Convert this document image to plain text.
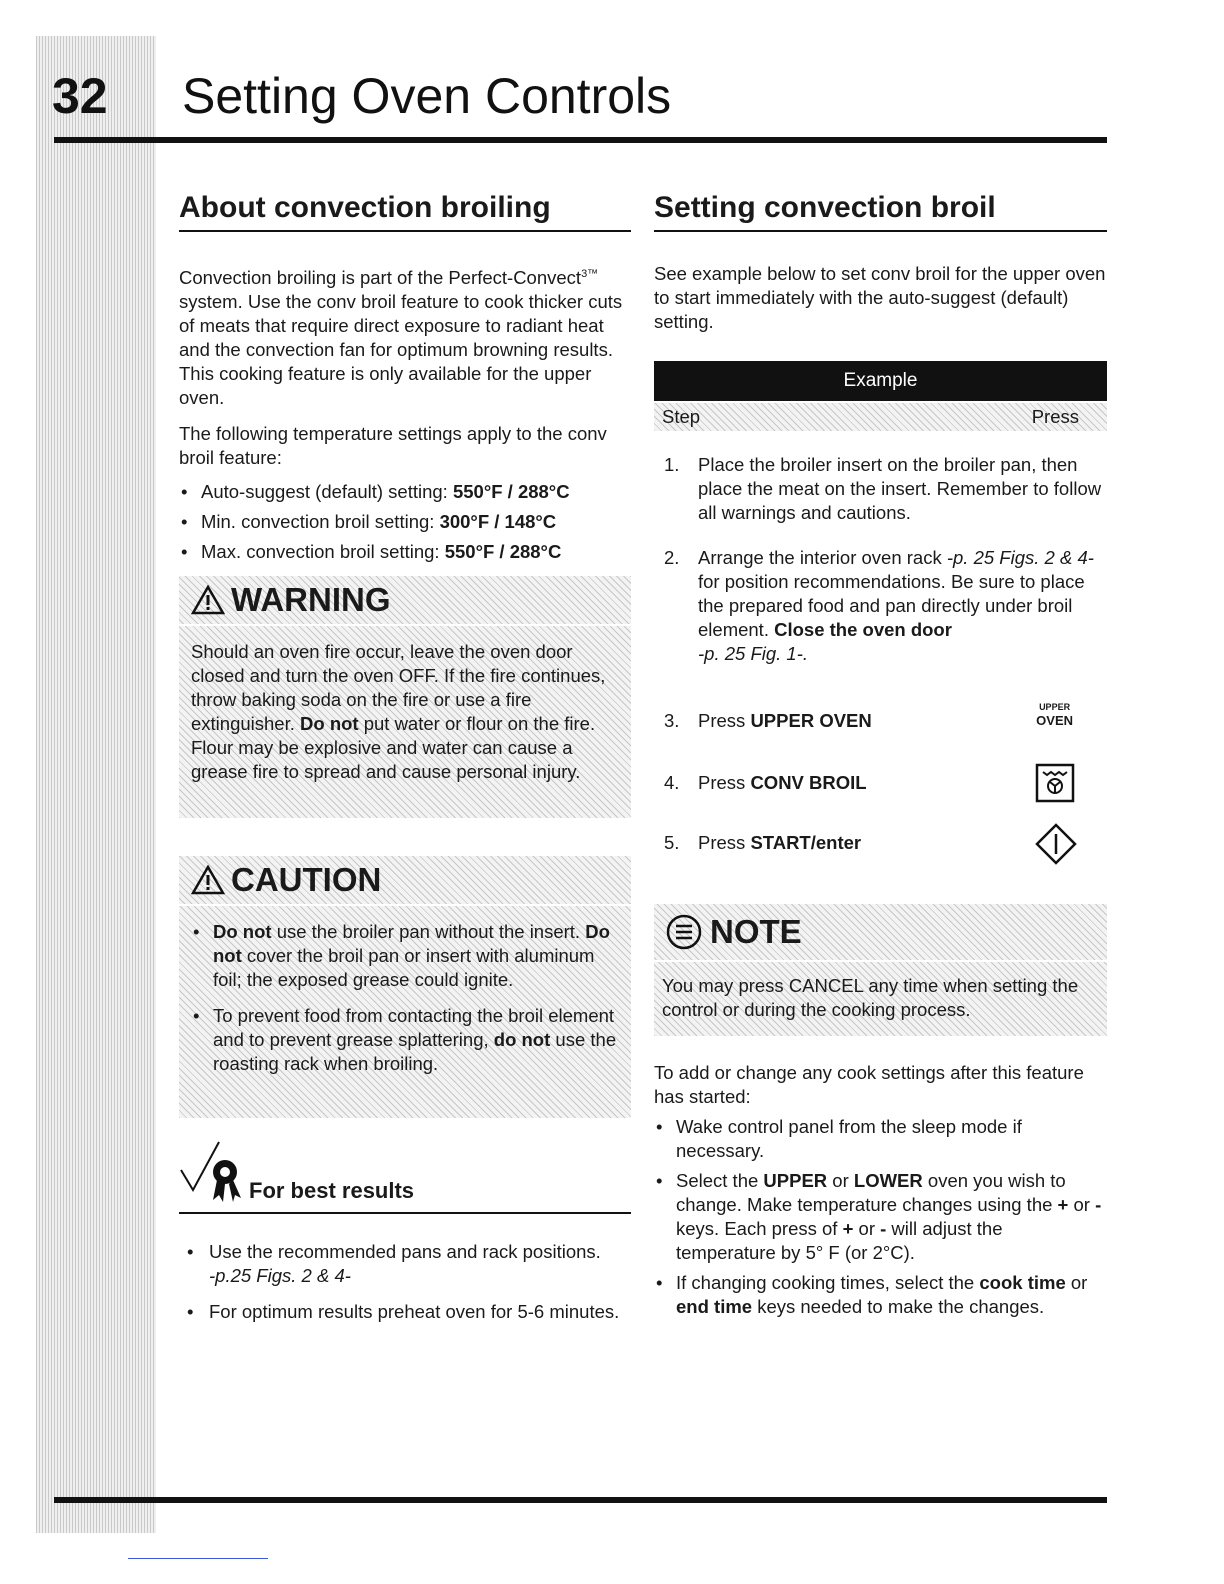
32 Setting Oven Controls
About convection broiling

Convection broiling is part of the Perfect-Convect$^{3™}$ system. Use the conv broil feature to cook thicker cuts of meats that require direct exposure to radiant heat and the convection fan for optimum browning results. This cooking feature is only available for the upper oven.

The following temperature settings apply to the conv broil feature:

• Auto-suggest (default) setting: 550°F / 288°C
• Min. convection broil setting: 300°F / 148°C
• Max. convection broil setting: 550°F / 288°C
WARNING
Should an oven fire occur, leave the oven door closed and turn the oven OFF. If the fire continues, throw baking soda on the fire or use a fire extinguisher. Do not put water or flour on the fire. Flour may be explosive and water can cause a grease fire to spread and cause personal injury.
CAUTION
• Do not use the broiler pan without the insert. Do not cover the broil pan or insert with aluminum foil; the exposed grease could ignite.
• To prevent food from contacting the broil element and to prevent grease splattering, do not use the roasting rack when broiling.
For best results
• Use the recommended pans and rack positions.
-p.25 Figs. 2 & 4-
• For optimum results preheat oven for 5-6 minutes.
Setting convection broil

See example below to set conv broil for the upper oven to start immediately with the auto-suggest (default) setting.

Example
Step	Press
1.	Place the broiler insert on the broiler pan, then place the meat on the insert. Remember to follow all warnings and cautions.
2.	Arrange the interior oven rack -p. 25 Figs. 2 & 4- for position recommendations. Be sure to place the prepared food and pan directly under broil element. Close the oven door
-p. 25 Fig. 1-.
3.	Press UPPER OVEN
UPPER
OVEN
4.	Press CONV BROIL
5.	Press START/enter
NOTE
You may press CANCEL any time when setting the control or during the cooking process.

To add or change any cook settings after this feature has started:

• Wake control panel from the sleep mode if necessary.
• Select the UPPER or LOWER oven you wish to change. Make temperature changes using the + or - keys. Each press of + or - will adjust the temperature by 5° F (or 2°C).
• If changing cooking times, select the cook time or end time keys needed to make the changes.
